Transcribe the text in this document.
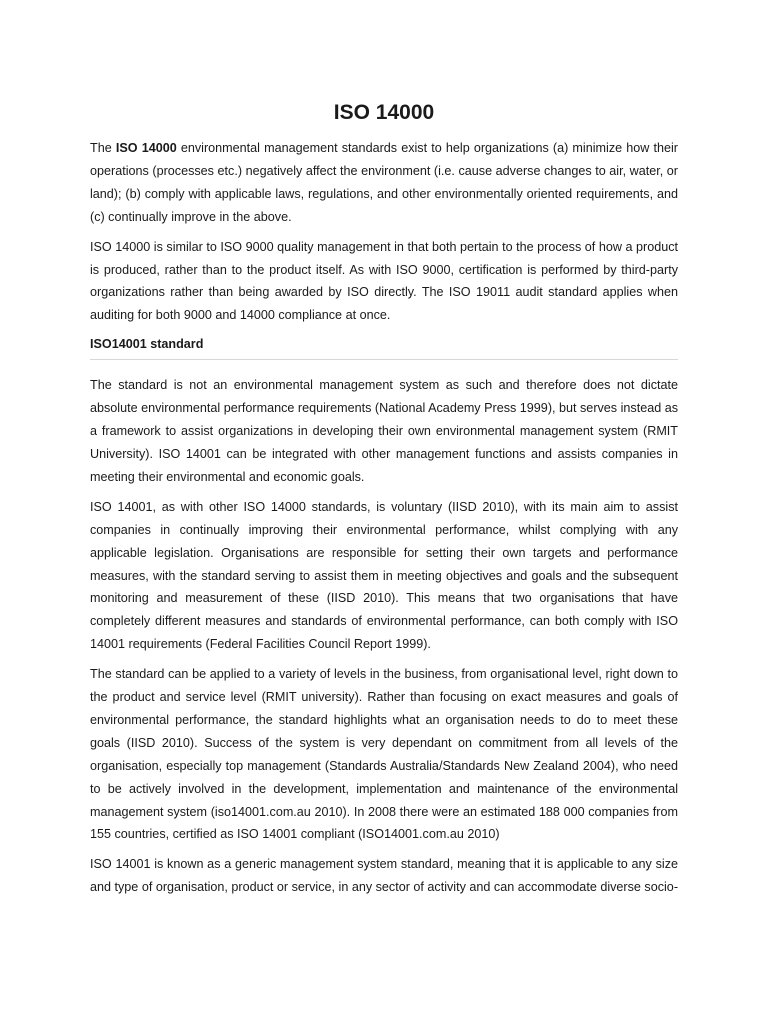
ISO 14000

The ISO 14000 environmental management standards exist to help organizations (a) minimize how their operations (processes etc.) negatively affect the environment (i.e. cause adverse changes to air, water, or land); (b) comply with applicable laws, regulations, and other environmentally oriented requirements, and (c) continually improve in the above.

ISO 14000 is similar to ISO 9000 quality management in that both pertain to the process of how a product is produced, rather than to the product itself. As with ISO 9000, certification is performed by third-party organizations rather than being awarded by ISO directly. The ISO 19011 audit standard applies when auditing for both 9000 and 14000 compliance at once.

ISO14001 standard

The standard is not an environmental management system as such and therefore does not dictate absolute environmental performance requirements (National Academy Press 1999), but serves instead as a framework to assist organizations in developing their own environmental management system (RMIT University). ISO 14001 can be integrated with other management functions and assists companies in meeting their environmental and economic goals.

ISO 14001, as with other ISO 14000 standards, is voluntary (IISD 2010), with its main aim to assist companies in continually improving their environmental performance, whilst complying with any applicable legislation. Organisations are responsible for setting their own targets and performance measures, with the standard serving to assist them in meeting objectives and goals and the subsequent monitoring and measurement of these (IISD 2010). This means that two organisations that have completely different measures and standards of environmental performance, can both comply with ISO 14001 requirements (Federal Facilities Council Report 1999).

The standard can be applied to a variety of levels in the business, from organisational level, right down to the product and service level (RMIT university). Rather than focusing on exact measures and goals of environmental performance, the standard highlights what an organisation needs to do to meet these goals (IISD 2010). Success of the system is very dependant on commitment from all levels of the organisation, especially top management (Standards Australia/Standards New Zealand 2004), who need to be actively involved in the development, implementation and maintenance of the environmental management system (iso14001.com.au 2010). In 2008 there were an estimated 188 000 companies from 155 countries, certified as ISO 14001 compliant (ISO14001.com.au 2010)

ISO 14001 is known as a generic management system standard, meaning that it is applicable to any size and type of organisation, product or service, in any sector of activity and can accommodate diverse socio-
